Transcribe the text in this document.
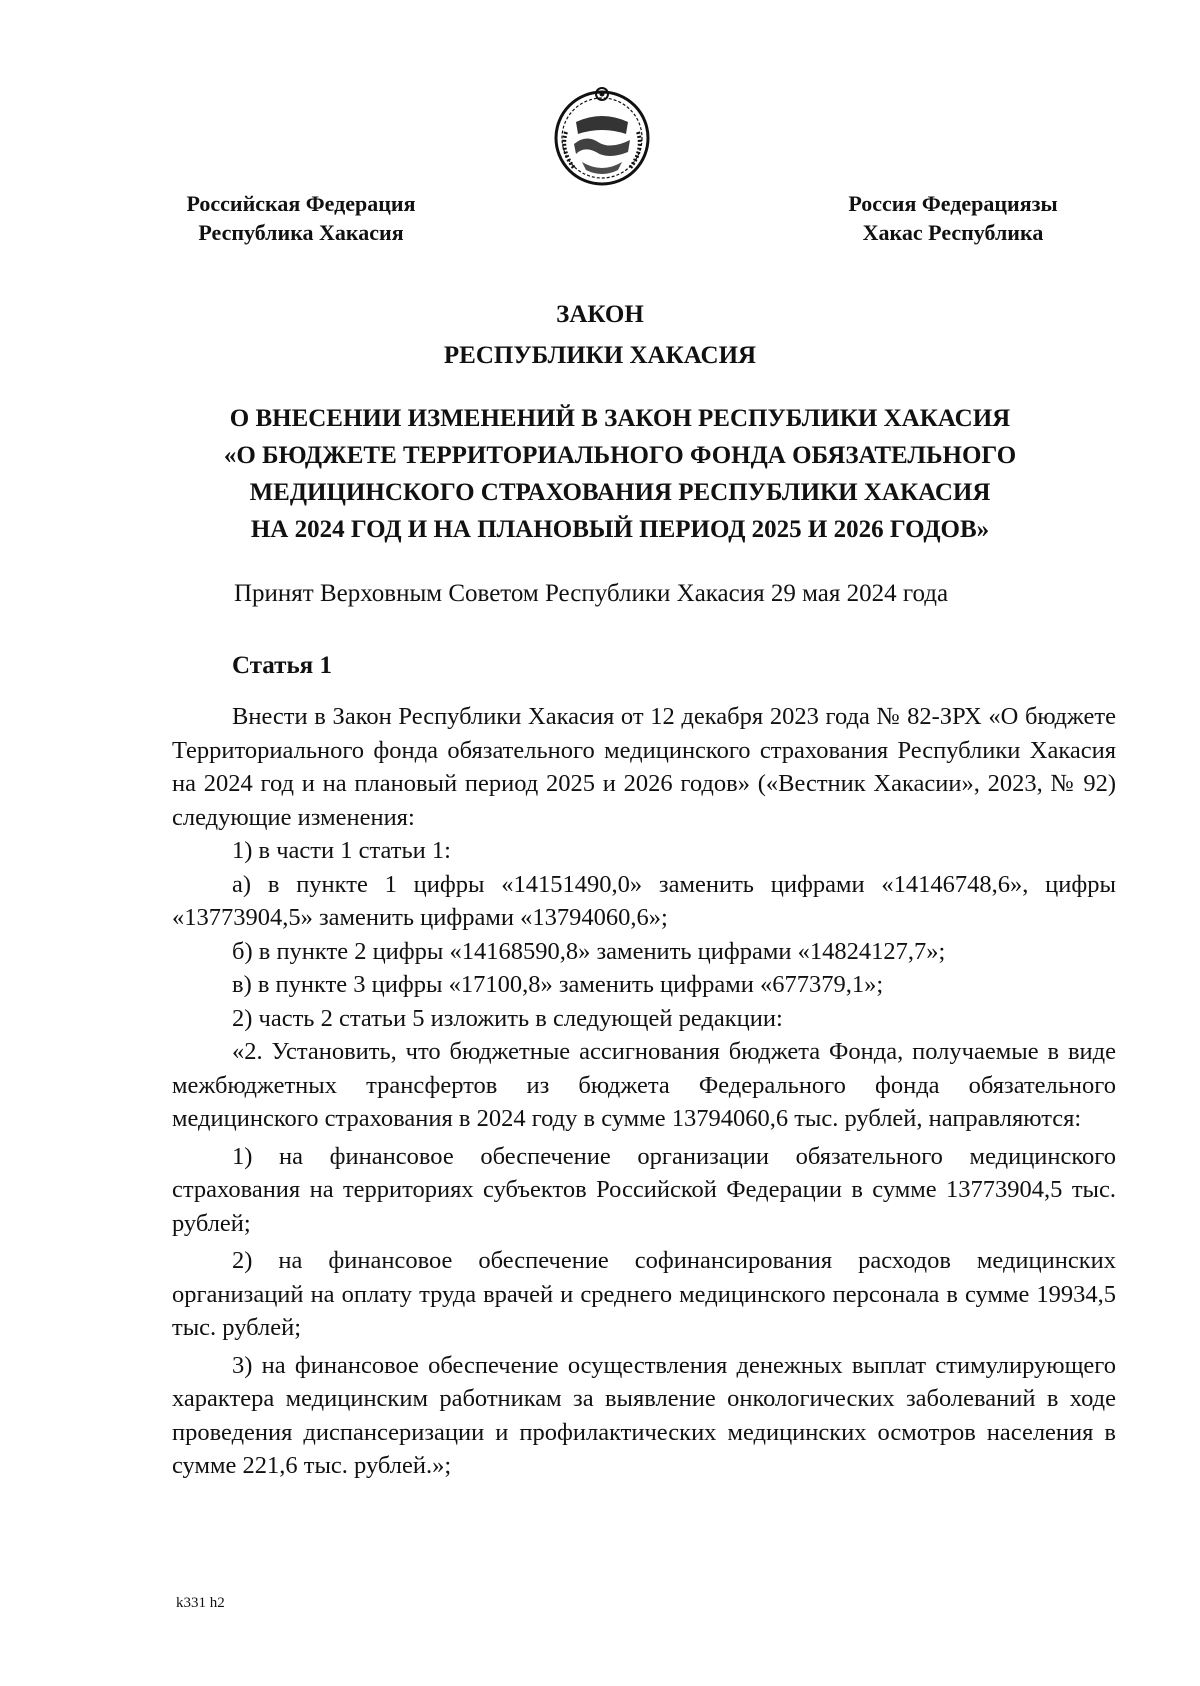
Российская Федерация
Республика Хакасия
Россия Федерациязы
Хакас Республика
ЗАКОН
РЕСПУБЛИКИ ХАКАСИЯ
О ВНЕСЕНИИ ИЗМЕНЕНИЙ В ЗАКОН РЕСПУБЛИКИ ХАКАСИЯ
«О БЮДЖЕТЕ ТЕРРИТОРИАЛЬНОГО ФОНДА ОБЯЗАТЕЛЬНОГО
МЕДИЦИНСКОГО СТРАХОВАНИЯ РЕСПУБЛИКИ ХАКАСИЯ
НА 2024 ГОД И НА ПЛАНОВЫЙ ПЕРИОД 2025 И 2026 ГОДОВ»
Принят Верховным Советом Республики Хакасия 29 мая 2024 года
Статья 1

Внести в Закон Республики Хакасия от 12 декабря 2023 года № 82-ЗРХ «О бюджете Территориального фонда обязательного медицинского страхования Республики Хакасия на 2024 год и на плановый период 2025 и 2026 годов» («Вестник Хакасии», 2023, № 92) следующие изменения:

1) в части 1 статьи 1:

а) в пункте 1 цифры «14151490,0» заменить цифрами «14146748,6», цифры «13773904,5» заменить цифрами «13794060,6»;

б) в пункте 2 цифры «14168590,8» заменить цифрами «14824127,7»;

в) в пункте 3 цифры «17100,8» заменить цифрами «677379,1»;

2) часть 2 статьи 5 изложить в следующей редакции:

«2. Установить, что бюджетные ассигнования бюджета Фонда, получаемые в виде межбюджетных трансфертов из бюджета Федерального фонда обязательного медицинского страхования в 2024 году в сумме 13794060,6 тыс. рублей, направляются:

1) на финансовое обеспечение организации обязательного медицинского страхования на территориях субъектов Российской Федерации в сумме 13773904,5 тыс. рублей;

2) на финансовое обеспечение софинансирования расходов медицинских организаций на оплату труда врачей и среднего медицинского персонала в сумме 19934,5 тыс. рублей;

3) на финансовое обеспечение осуществления денежных выплат стимулирующего характера медицинским работникам за выявление онкологических заболеваний в ходе проведения диспансеризации и профилактических медицинских осмотров населения в сумме 221,6 тыс. рублей.»;

k331 h2
